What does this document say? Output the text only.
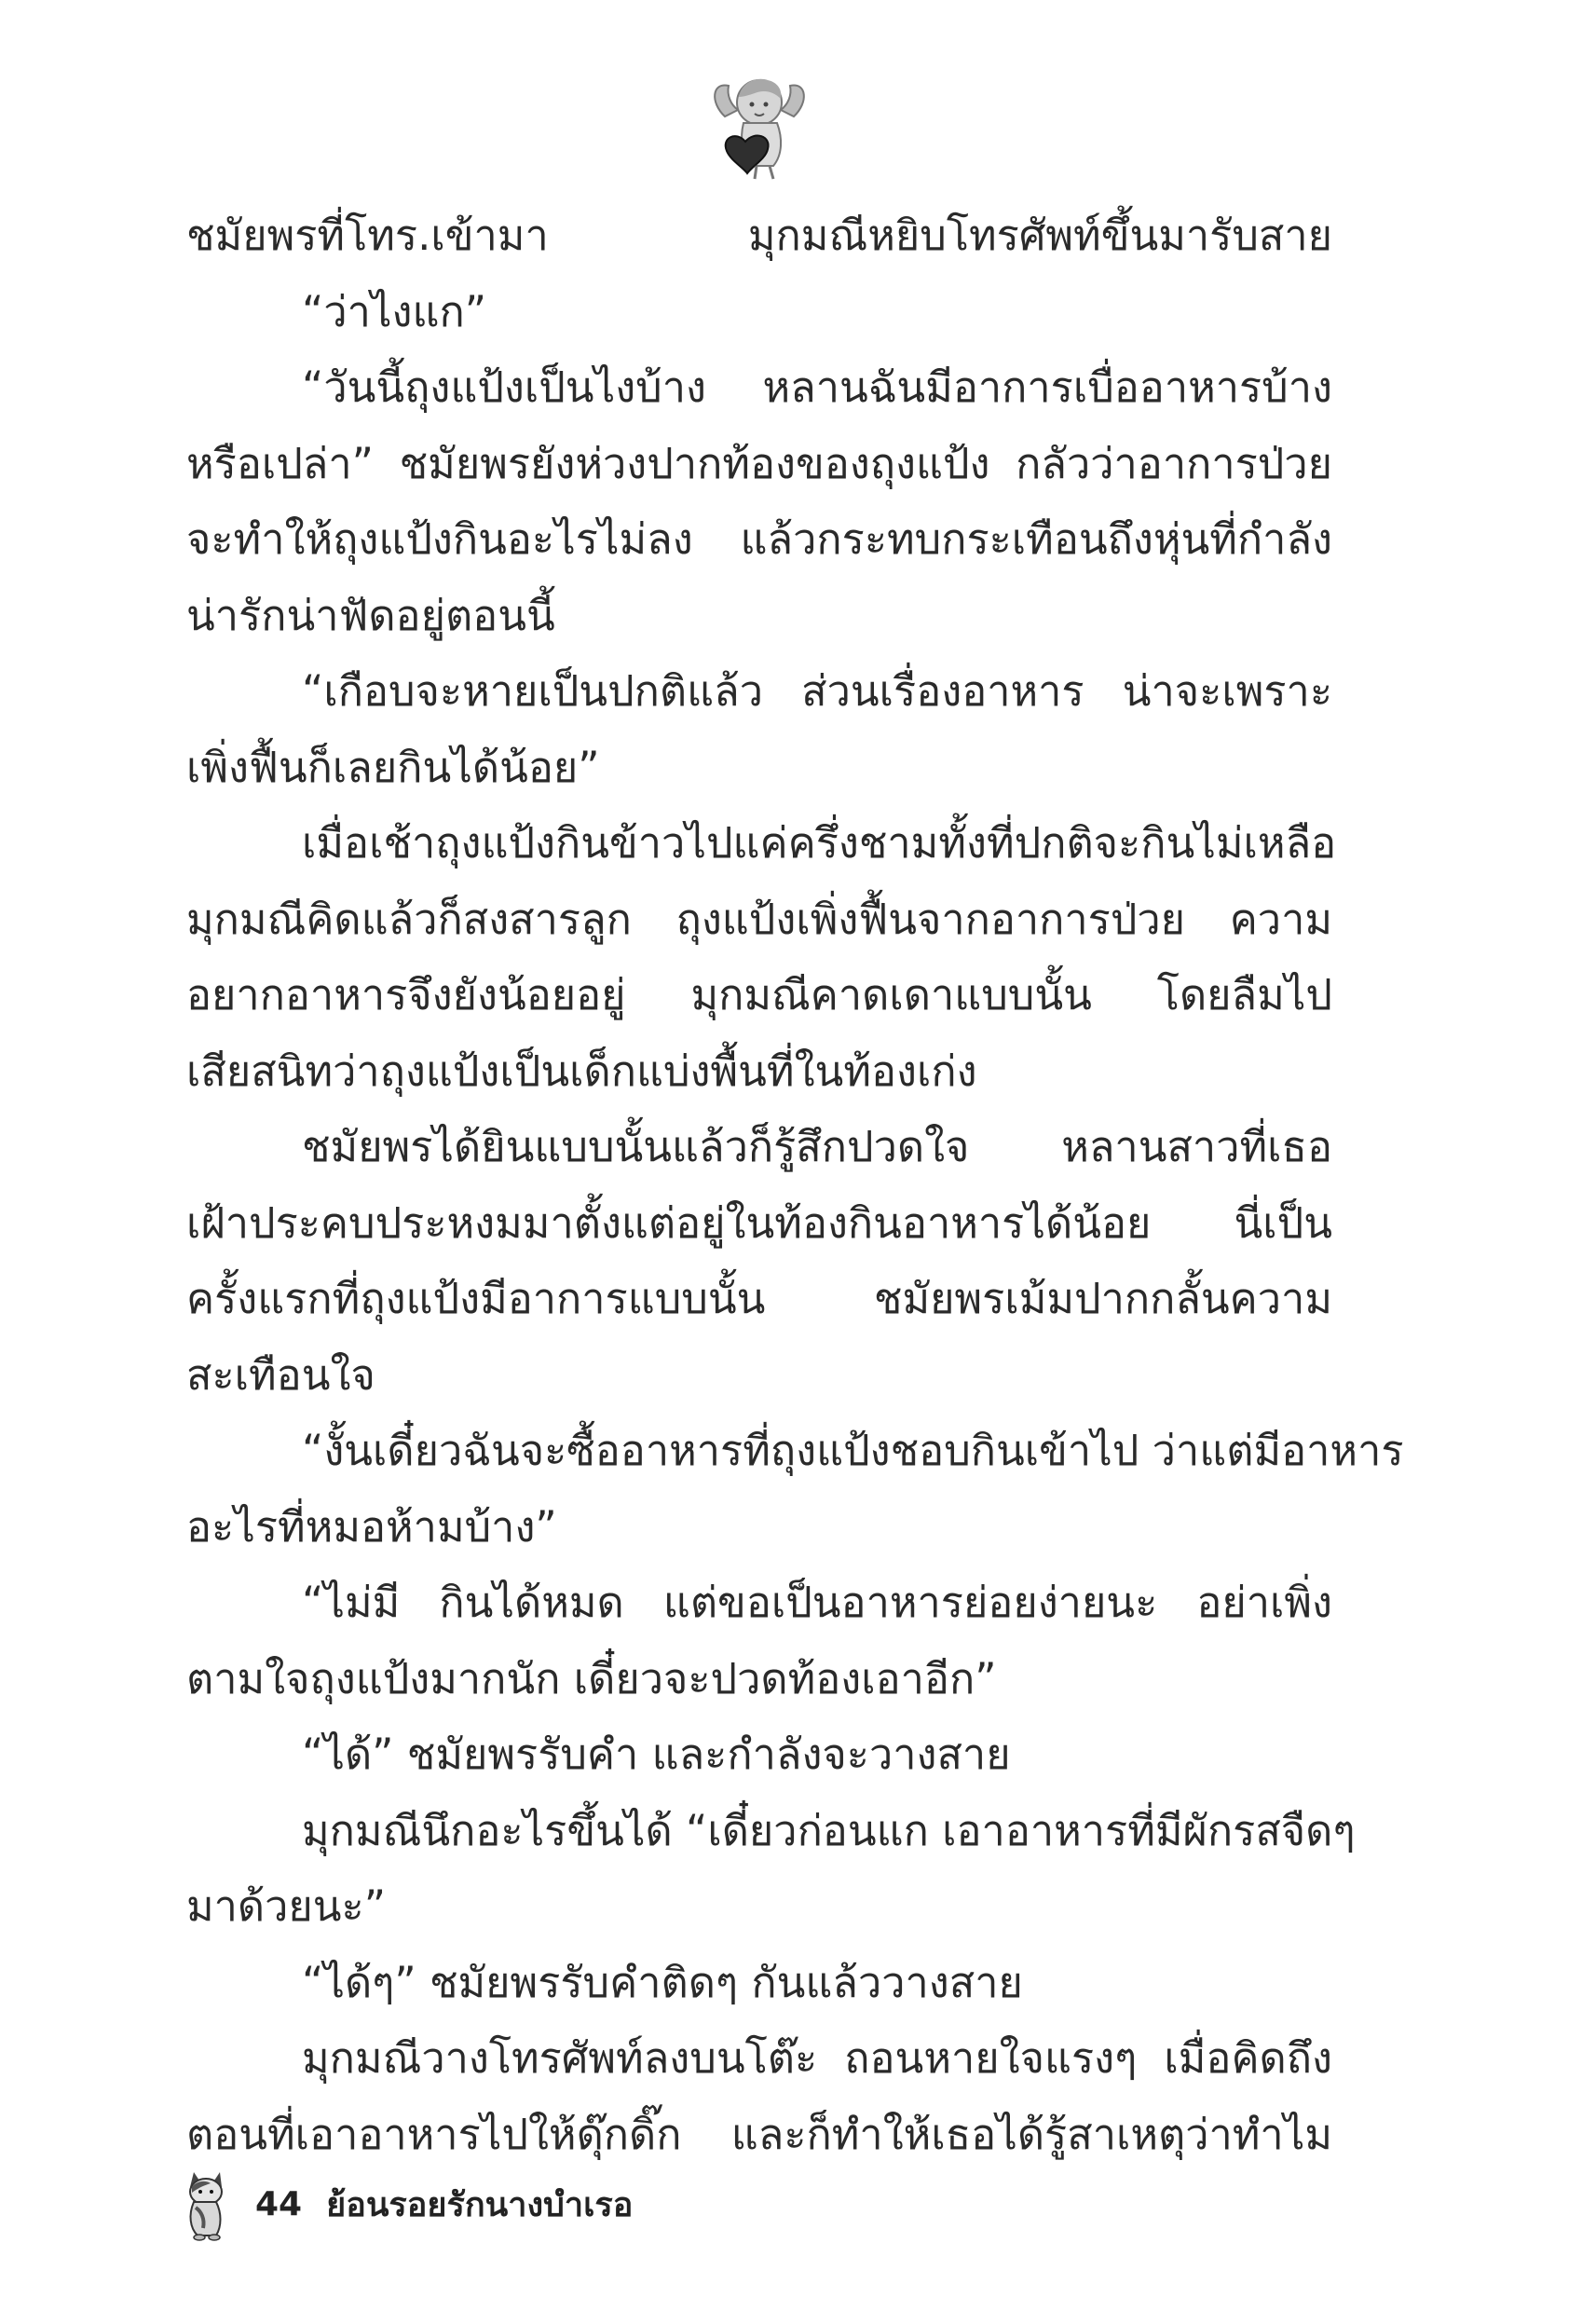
ชมัยพรที่โทร.เข้ามา มุกมณีหยิบโทรศัพท์ขึ้นมารับสาย
“ว่าไงแก”
“วันนี้ถุงแป้งเป็นไงบ้าง หลานฉันมีอาการเบื่ออาหารบ้าง
หรือเปล่า” ชมัยพรยังห่วงปากท้องของถุงแป้ง กลัวว่าอาการป่วย
จะทำให้ถุงแป้งกินอะไรไม่ลง แล้วกระทบกระเทือนถึงหุ่นที่กำลัง
น่ารักน่าฟัดอยู่ตอนนี้
“เกือบจะหายเป็นปกติแล้ว ส่วนเรื่องอาหาร น่าจะเพราะ
เพิ่งฟื้นก็เลยกินได้น้อย”
เมื่อเช้าถุงแป้งกินข้าวไปแค่ครึ่งชามทั้งที่ปกติจะกินไม่เหลือ
มุกมณีคิดแล้วก็สงสารลูก ถุงแป้งเพิ่งฟื้นจากอาการป่วย ความ
อยากอาหารจึงยังน้อยอยู่ มุกมณีคาดเดาแบบนั้น โดยลืมไป
เสียสนิทว่าถุงแป้งเป็นเด็กแบ่งพื้นที่ในท้องเก่ง
ชมัยพรได้ยินแบบนั้นแล้วก็รู้สึกปวดใจ หลานสาวที่เธอ
เฝ้าประคบประหงมมาตั้งแต่อยู่ในท้องกินอาหารได้น้อย นี่เป็น
ครั้งแรกที่ถุงแป้งมีอาการแบบนั้น ชมัยพรเม้มปากกลั้นความ
สะเทือนใจ
“งั้นเดี๋ยวฉันจะซื้ออาหารที่ถุงแป้งชอบกินเข้าไป ว่าแต่มีอาหาร
อะไรที่หมอห้ามบ้าง”
“ไม่มี กินได้หมด แต่ขอเป็นอาหารย่อยง่ายนะ อย่าเพิ่ง
ตามใจถุงแป้งมากนัก เดี๋ยวจะปวดท้องเอาอีก”
“ได้” ชมัยพรรับคำ และกำลังจะวางสาย
มุกมณีนึกอะไรขึ้นได้ “เดี๋ยวก่อนแก เอาอาหารที่มีผักรสจืดๆ
มาด้วยนะ”
“ได้ๆ” ชมัยพรรับคำติดๆ กันแล้ววางสาย
มุกมณีวางโทรศัพท์ลงบนโต๊ะ ถอนหายใจแรงๆ เมื่อคิดถึง
ตอนที่เอาอาหารไปให้ดุ๊กดิ๊ก และก็ทำให้เธอได้รู้สาเหตุว่าทำไม
44 ย้อนรอยรักนางบำเรอ
